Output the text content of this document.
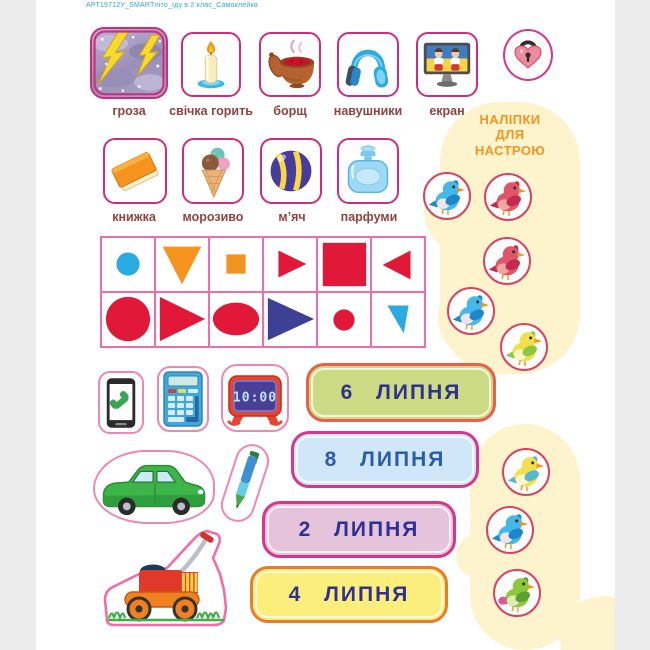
АРТ19712У_SMARTліто_Іду в 2 клас_Самоклейка
гроза	свічка горить	борщ	навушники	екран
книжка	морозиво	м’яч	парфуми
10:00	6 ЛИПНЯ
8 ЛИПНЯ
2 ЛИПНЯ
4 ЛИПНЯ
НАЛІПКИ
ДЛЯ
НАСТРОЮ
